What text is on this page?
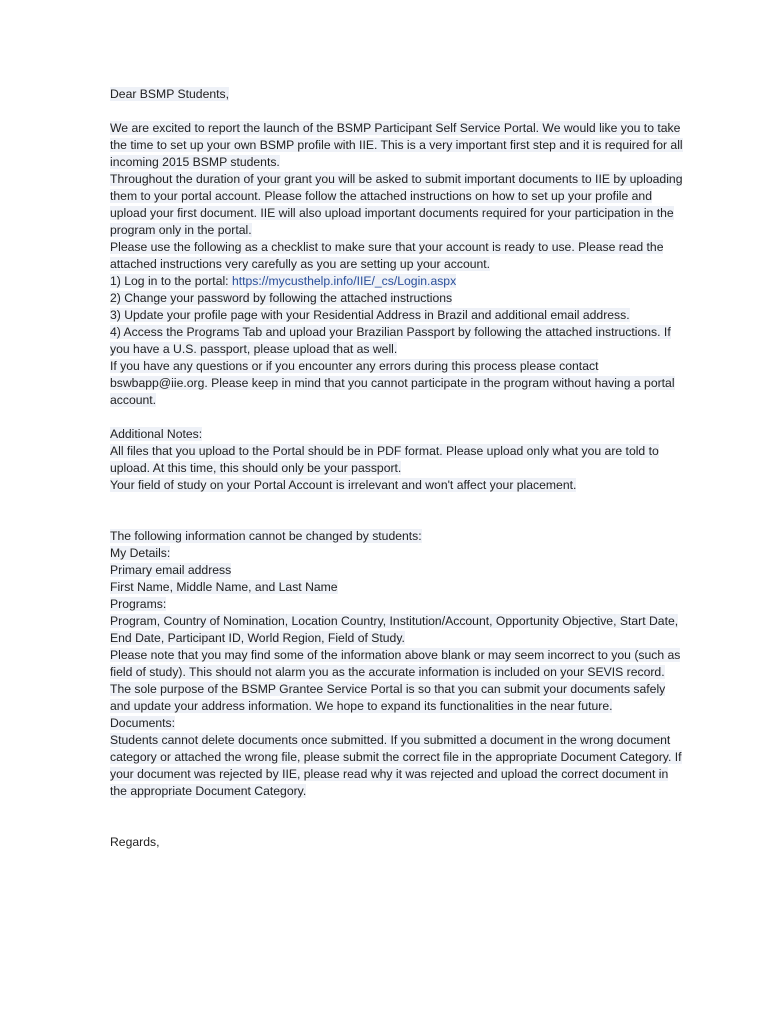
Dear BSMP Students,
We are excited to report the launch of the BSMP Participant Self Service Portal. We would like you to take
the time to set up your own BSMP profile with IIE. This is a very important first step and it is required for all
incoming 2015 BSMP students.
Throughout the duration of your grant you will be asked to submit important documents to IIE by uploading
them to your portal account. Please follow the attached instructions on how to set up your profile and
upload your first document. IIE will also upload important documents required for your participation in the
program only in the portal.
Please use the following as a checklist to make sure that your account is ready to use. Please read the
attached instructions very carefully as you are setting up your account.
1) Log in to the portal: https://mycusthelp.info/IIE/_cs/Login.aspx
2) Change your password by following the attached instructions
3) Update your profile page with your Residential Address in Brazil and additional email address.
4) Access the Programs Tab and upload your Brazilian Passport by following the attached instructions. If
you have a U.S. passport, please upload that as well.
If you have any questions or if you encounter any errors during this process please contact
bswbapp@iie.org. Please keep in mind that you cannot participate in the program without having a portal
account.
Additional Notes:
All files that you upload to the Portal should be in PDF format. Please upload only what you are told to
upload. At this time, this should only be your passport.
Your field of study on your Portal Account is irrelevant and won't affect your placement.
The following information cannot be changed by students:
My Details:
Primary email address
First Name, Middle Name, and Last Name
Programs:
Program, Country of Nomination, Location Country, Institution/Account, Opportunity Objective, Start Date,
End Date, Participant ID, World Region, Field of Study.
Please note that you may find some of the information above blank or may seem incorrect to you (such as
field of study). This should not alarm you as the accurate information is included on your SEVIS record.
The sole purpose of the BSMP Grantee Service Portal is so that you can submit your documents safely
and update your address information. We hope to expand its functionalities in the near future.
Documents:
Students cannot delete documents once submitted. If you submitted a document in the wrong document
category or attached the wrong file, please submit the correct file in the appropriate Document Category. If
your document was rejected by IIE, please read why it was rejected and upload the correct document in
the appropriate Document Category.
Regards,
